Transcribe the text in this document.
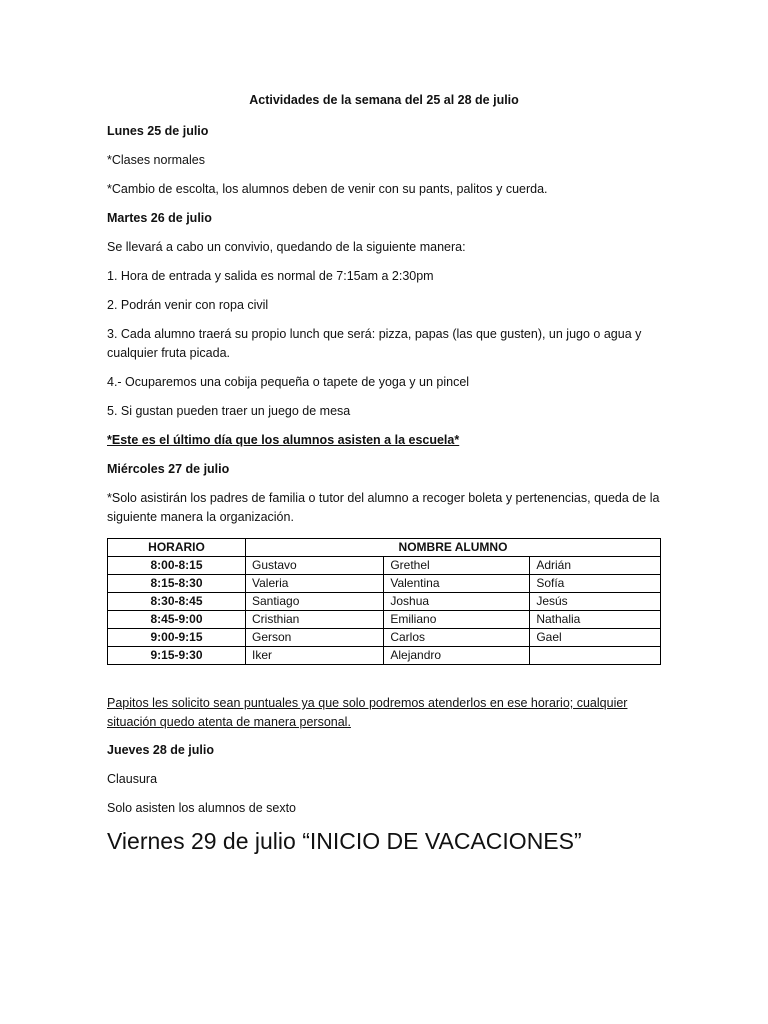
Actividades de la semana del 25 al 28 de julio
Lunes 25 de julio
*Clases normales
*Cambio de escolta, los alumnos deben de venir con su pants, palitos y cuerda.
Martes 26 de julio
Se llevará a cabo un convivio, quedando de la siguiente manera:
1. Hora de entrada y salida es normal de 7:15am a 2:30pm
2. Podrán venir con ropa civil
3. Cada alumno traerá su propio lunch que será: pizza, papas (las que gusten), un jugo o agua y cualquier fruta picada.
4.- Ocuparemos una cobija pequeña o tapete de yoga y un pincel
5. Si gustan pueden traer un juego de mesa
*Este es el último día que los alumnos asisten a la escuela*
Miércoles 27 de julio
*Solo asistirán los padres de familia o tutor del alumno a recoger boleta y pertenencias, queda de la siguiente manera la organización.
HORARIO	NOMBRE ALUMNO		
8:00-8:15	Gustavo	Grethel	Adrián
8:15-8:30	Valeria	Valentina	Sofía
8:30-8:45	Santiago	Joshua	Jesús
8:45-9:00	Cristhian	Emiliano	Nathalia
9:00-9:15	Gerson	Carlos	Gael
9:15-9:30	Iker	Alejandro	
Papitos les solicito sean puntuales ya que solo podremos atenderlos en ese horario; cualquier situación quedo atenta de manera personal.
Jueves 28 de julio
Clausura
Solo asisten los alumnos de sexto
Viernes 29 de julio “INICIO DE VACACIONES”
